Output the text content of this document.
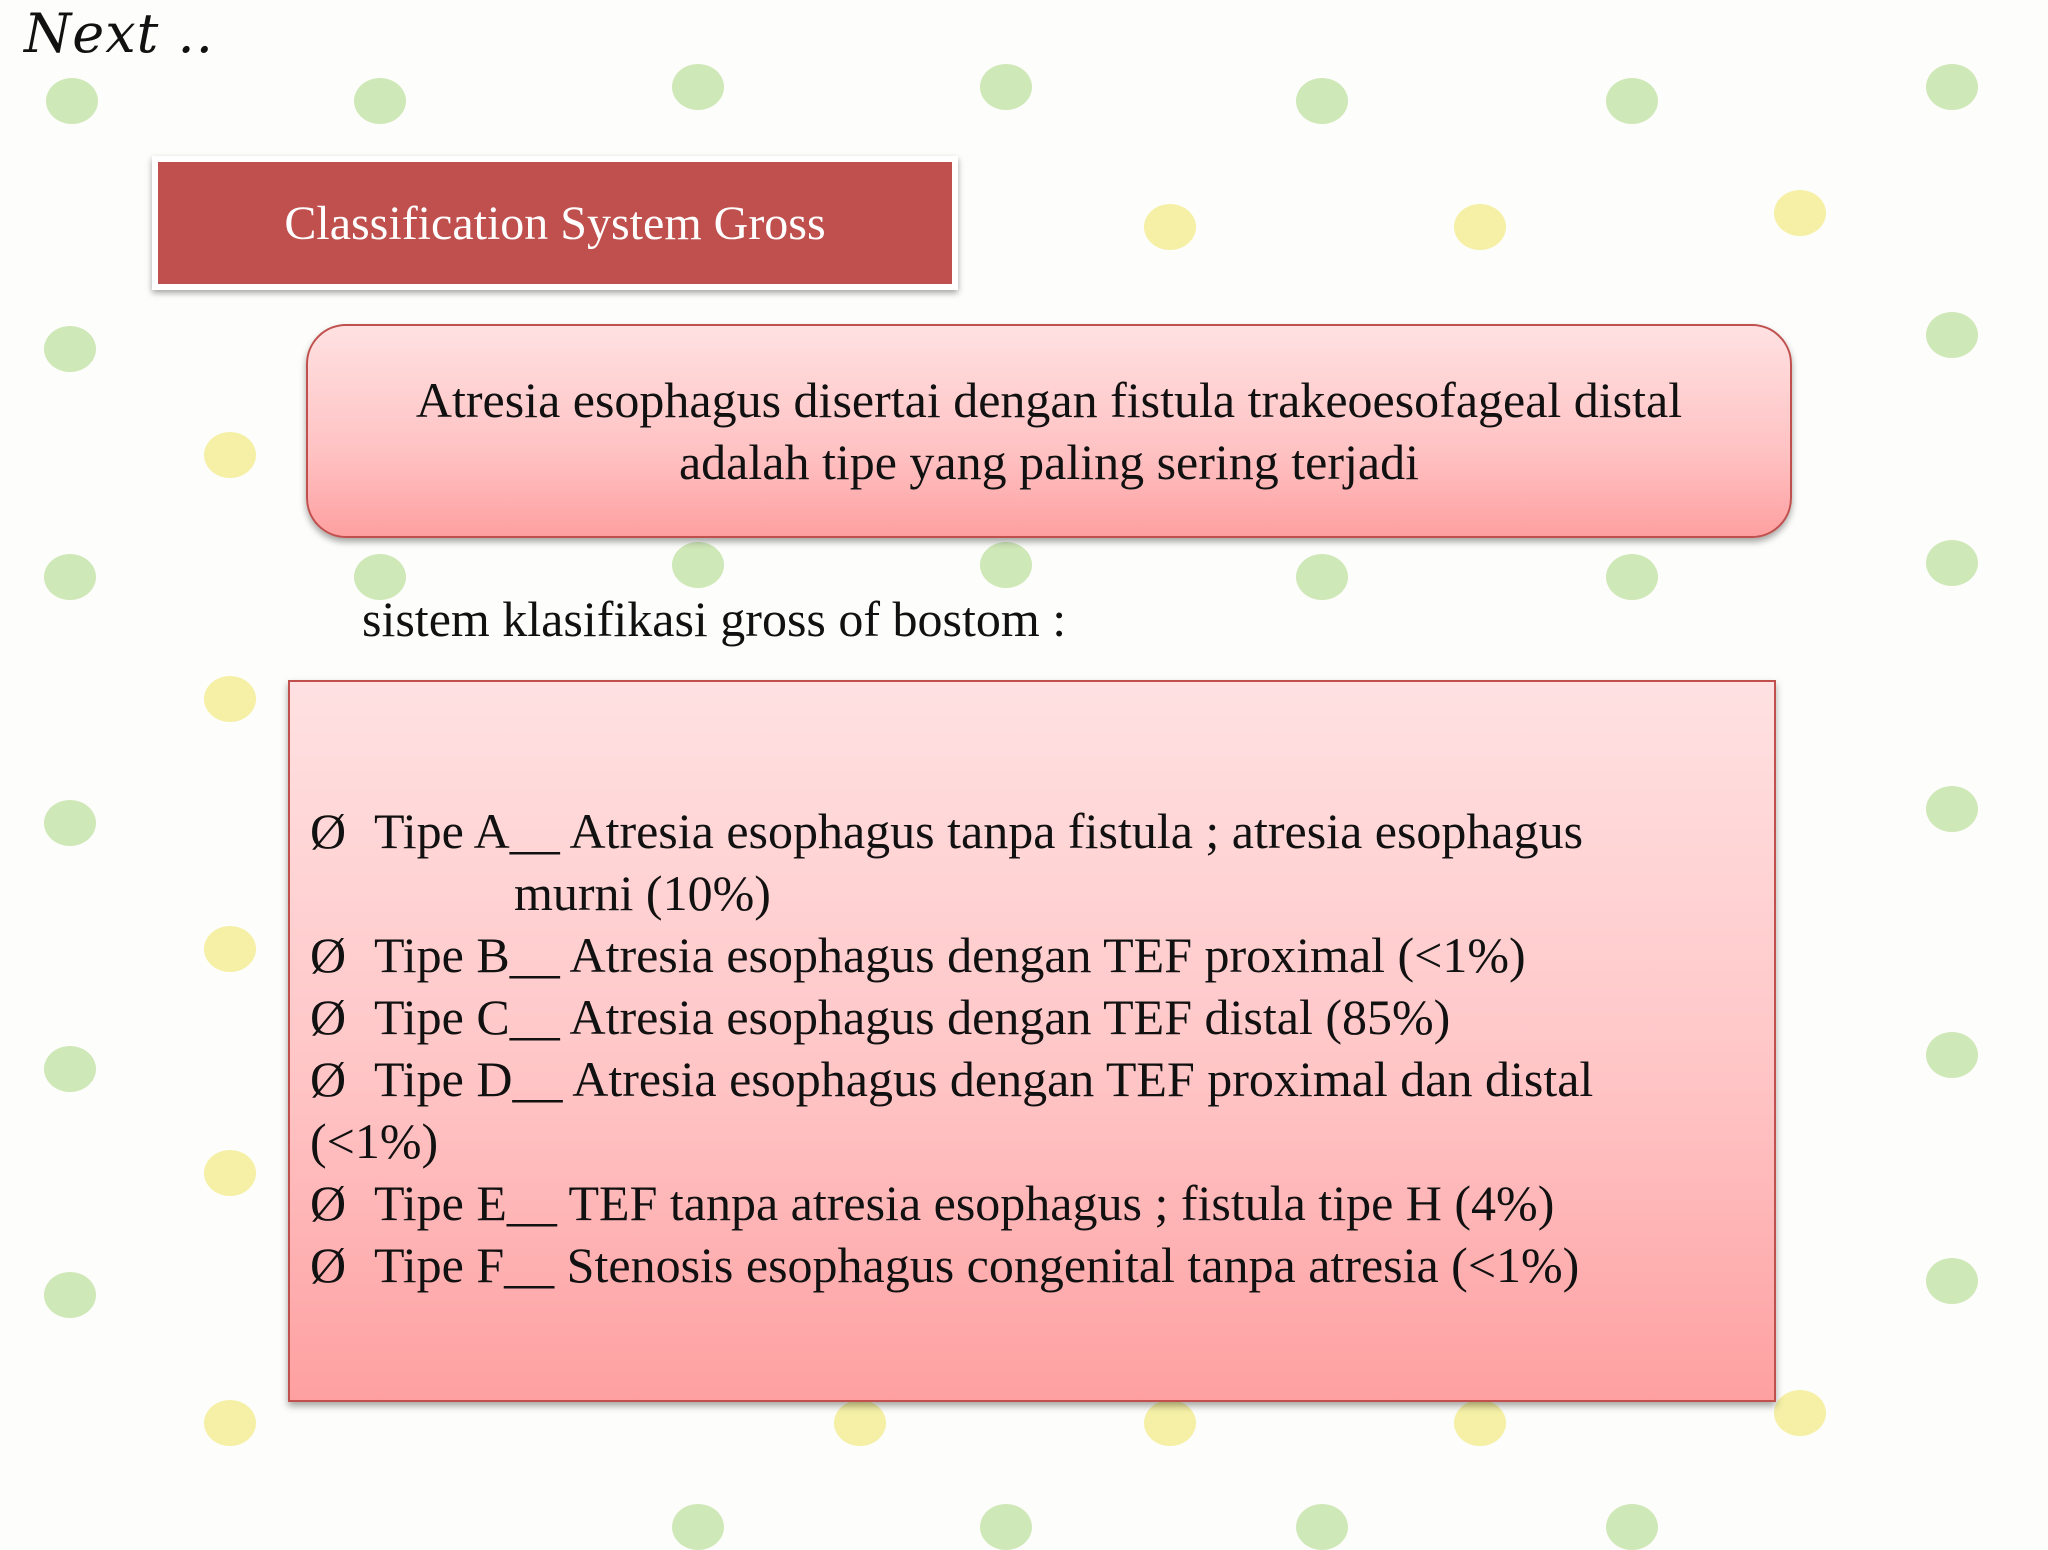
Next ..
Classification System Gross
Atresia esophagus disertai dengan fistula trakeoesofageal distal
adalah tipe yang paling sering terjadi
sistem klasifikasi gross of bostom :
Ø Tipe A__ Atresia esophagus tanpa fistula ; atresia esophagus
murni (10%)
Ø Tipe B__ Atresia esophagus dengan TEF proximal (<1%)
Ø Tipe C__ Atresia esophagus dengan TEF distal (85%)
Ø Tipe D__ Atresia esophagus dengan TEF proximal dan distal
(<1%)
Ø Tipe E__ TEF tanpa atresia esophagus ; fistula tipe H (4%)
Ø Tipe F__ Stenosis esophagus congenital tanpa atresia (<1%)
